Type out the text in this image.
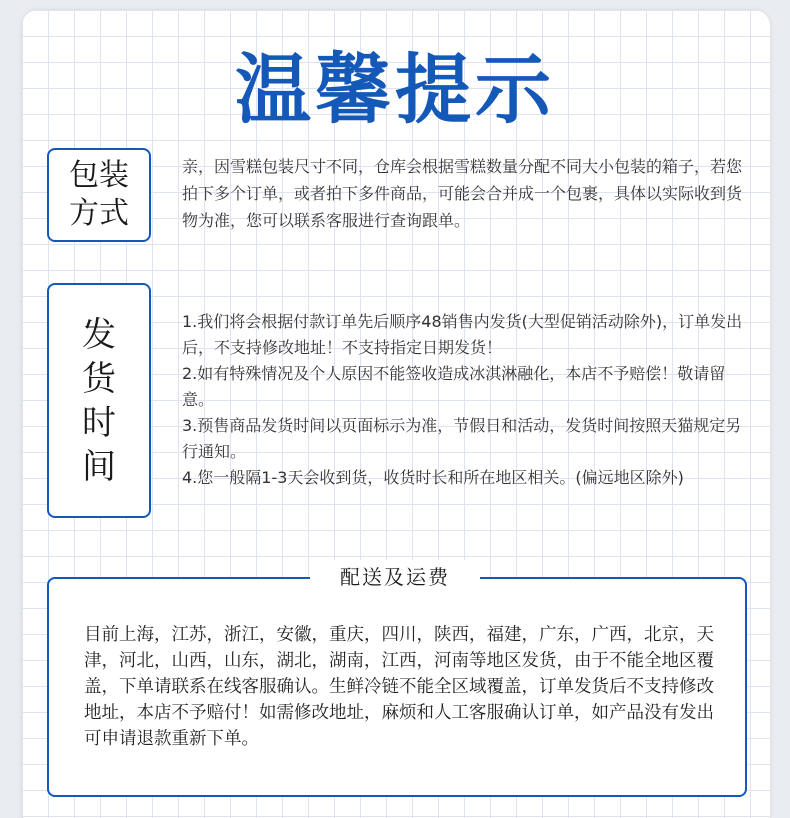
温馨提示
包装
方式
亲，因雪糕包装尺寸不同，仓库会根据雪糕数量分配不同大小包装的箱子，若您拍下多个订单，或者拍下多件商品，可能会合并成一个包裹，具体以实际收到货物为准，您可以联系客服进行查询跟单。
发
货
时
间

1.我们将会根据付款订单先后顺序48销售内发货(大型促销活动除外)，订单发出后，不支持修改地址！不支持指定日期发货！

2.如有特殊情况及个人原因不能签收造成冰淇淋融化，本店不予赔偿！敬请留意。

3.预售商品发货时间以页面标示为准，节假日和活动，发货时间按照天猫规定另行通知。

4.您一般隔1-3天会收到货，收货时长和所在地区相关。(偏远地区除外)

配送及运费
目前上海，江苏，浙江，安徽，重庆，四川，陕西，福建，广东，广西，北京，天津，河北，山西，山东，湖北，湖南，江西，河南等地区发货，由于不能全地区覆盖，下单请联系在线客服确认。生鲜冷链不能全区域覆盖，订单发货后不支持修改地址，本店不予赔付！如需修改地址，麻烦和人工客服确认订单，如产品没有发出可申请退款重新下单。
